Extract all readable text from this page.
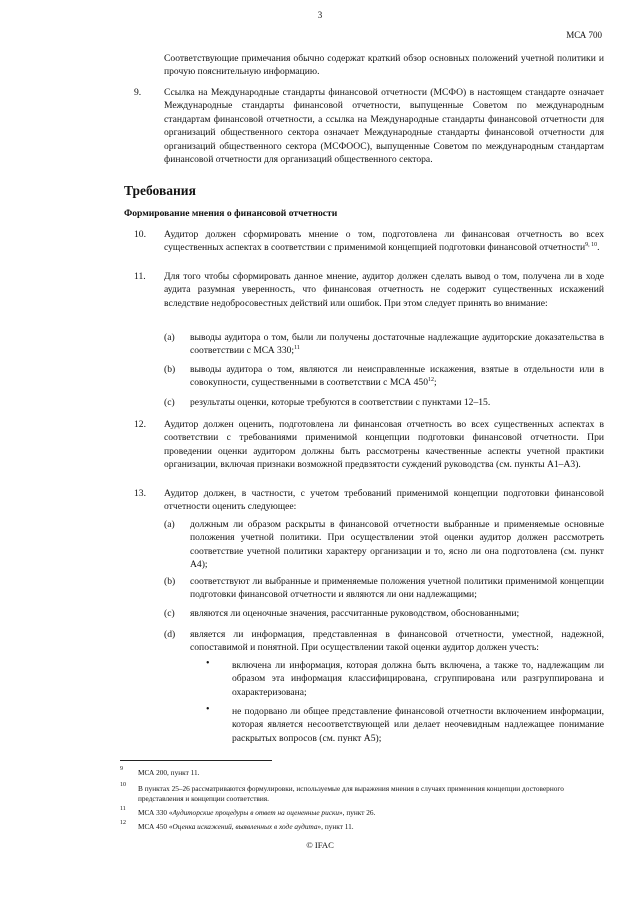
3
МСА 700
Соответствующие примечания обычно содержат краткий обзор основных положений учетной политики и прочую пояснительную информацию.
9. Ссылка на Международные стандарты финансовой отчетности (МСФО) в настоящем стандарте означает Международные стандарты финансовой отчетности, выпущенные Советом по международным стандартам финансовой отчетности, а ссылка на Международные стандарты финансовой отчетности для организаций общественного сектора означает Международные стандарты финансовой отчетности для организаций общественного сектора (МСФООС), выпущенные Советом по международным стандартам финансовой отчетности для организаций общественного сектора.
Требования
Формирование мнения о финансовой отчетности
10. Аудитор должен сформировать мнение о том, подготовлена ли финансовая отчетность во всех существенных аспектах в соответствии с применимой концепцией подготовки финансовой отчетности$^{9, 10}$.
11. Для того чтобы сформировать данное мнение, аудитор должен сделать вывод о том, получена ли в ходе аудита разумная уверенность, что финансовая отчетность не содержит существенных искажений вследствие недобросовестных действий или ошибок. При этом следует принять во внимание:
(a) выводы аудитора о том, были ли получены достаточные надлежащие аудиторские доказательства в соответствии с МСА 330;$^{11}$
(b) выводы аудитора о том, являются ли неисправленные искажения, взятые в отдельности или в совокупности, существенными в соответствии с МСА $450^{12}$;
(c) результаты оценки, которые требуются в соответствии с пунктами 12–15.
12. Аудитор должен оценить, подготовлена ли финансовая отчетность во всех существенных аспектах в соответствии с требованиями применимой концепции подготовки финансовой отчетности. При проведении оценки аудитором должны быть рассмотрены качественные аспекты учетной практики организации, включая признаки возможной предвзятости суждений руководства (см. пункты А1–А3).
13. Аудитор должен, в частности, с учетом требований применимой концепции подготовки финансовой отчетности оценить следующее:
(a) должным ли образом раскрыты в финансовой отчетности выбранные и применяемые основные положения учетной политики. При осуществлении этой оценки аудитор должен рассмотреть соответствие учетной политики характеру организации и то, ясно ли она подготовлена (см. пункт А4);
(b) соответствуют ли выбранные и применяемые положения учетной политики применимой концепции подготовки финансовой отчетности и являются ли они надлежащими;
(c) являются ли оценочные значения, рассчитанные руководством, обоснованными;
(d) является ли информация, представленная в финансовой отчетности, уместной, надежной, сопоставимой и понятной. При осуществлении такой оценки аудитор должен учесть:
• включена ли информация, которая должна быть включена, а также то, надлежащим ли образом эта информация классифицирована, сгруппирована или разгруппирована и охарактеризована;
• не подорвано ли общее представление финансовой отчетности включением информации, которая является несоответствующей или делает неочевидным надлежащее понимание раскрытых вопросов (см. пункт А5);
9 МСА 200, пункт 11.
10 В пунктах 25–26 рассматриваются формулировки, используемые для выражения мнения в случаях применения концепции достоверного представления и концепции соответствия.
11 МСА 330 «Аудиторские процедуры в ответ на оцененные риски», пункт 26.
12 МСА 450 «Оценка искажений, выявленных в ходе аудита», пункт 11.
© IFAC
